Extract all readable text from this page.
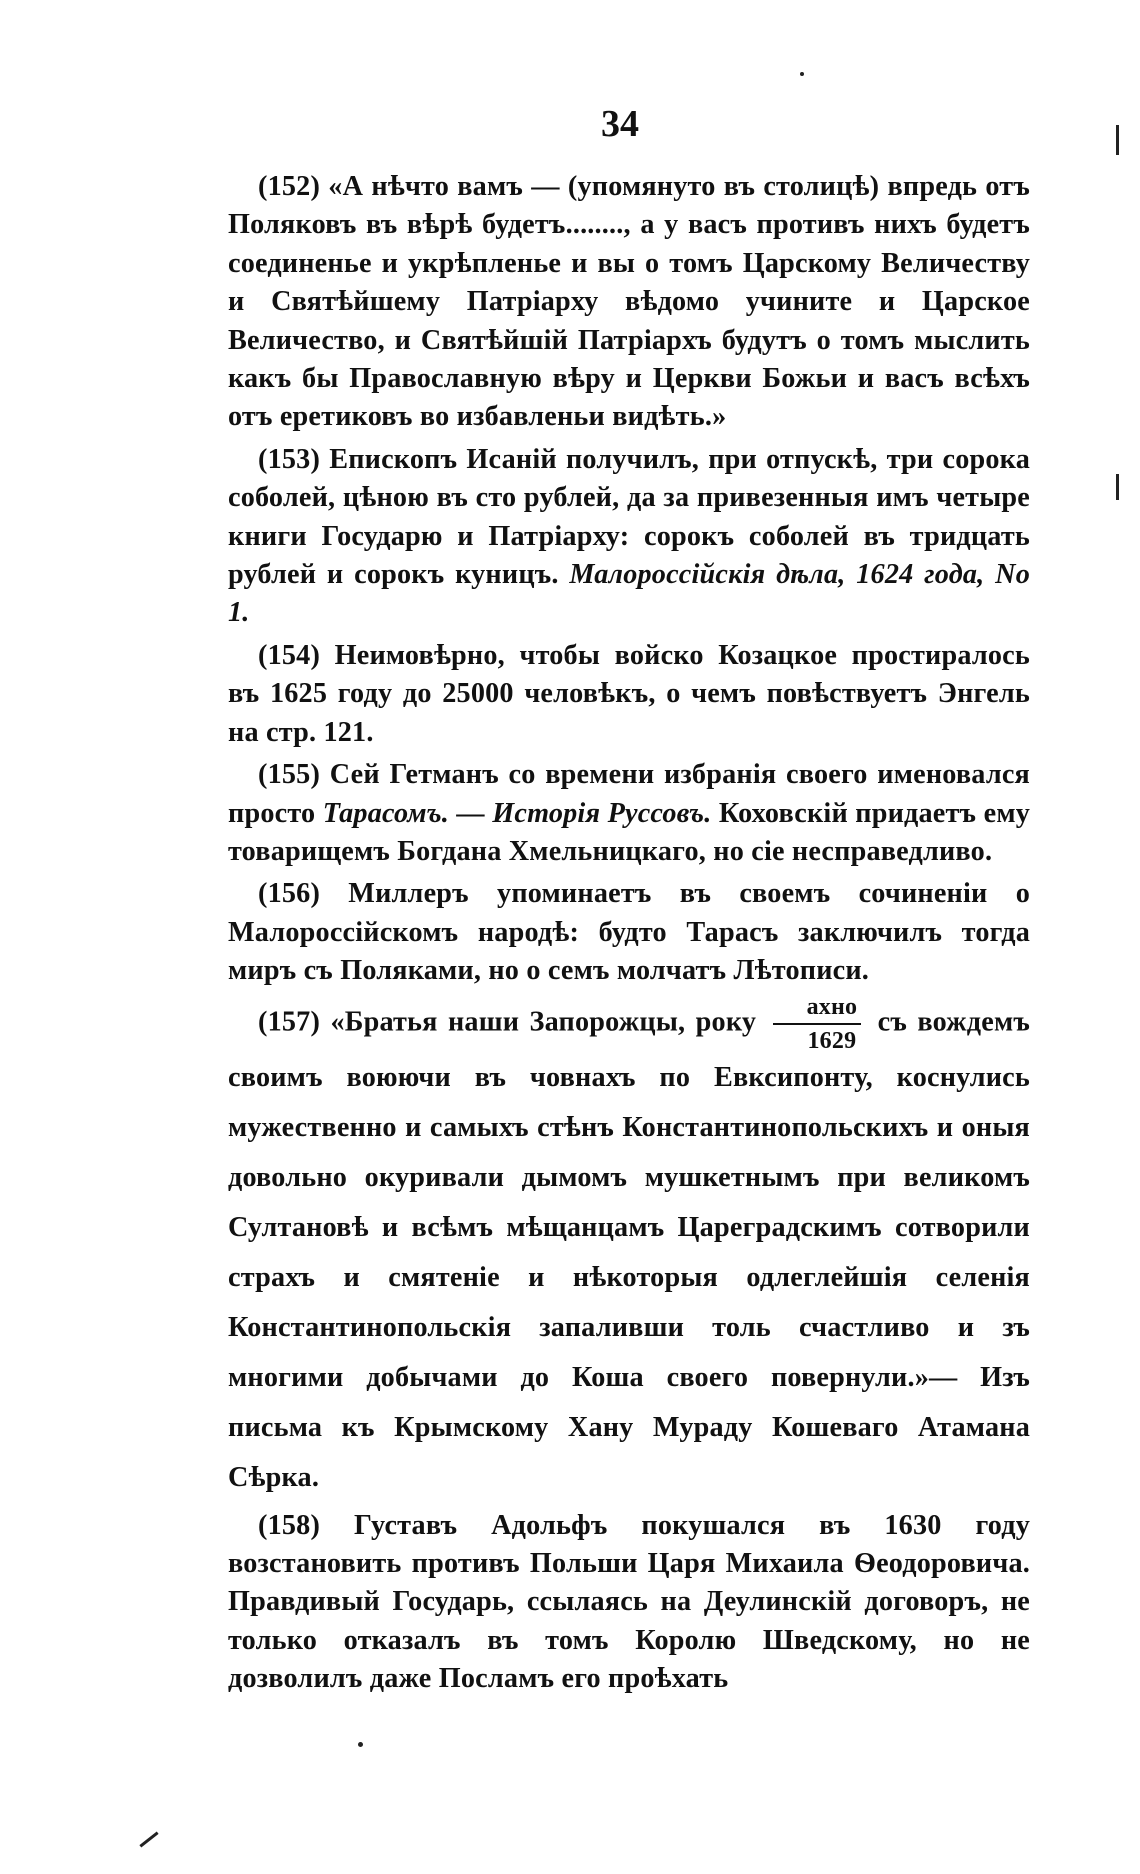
34

(152) «А нѣчто вамъ — (упомянуто въ столицѣ) впредь отъ Поляковъ въ вѣрѣ будетъ........, а у васъ противъ нихъ будетъ соединенье и укрѣпленье и вы о томъ Царскому Величеству и Святѣйшему Патріарху вѣдомо учините и Царское Величество, и Святѣйшій Патріархъ будутъ о томъ мыслить какъ бы Православную вѣру и Церкви Божьи и васъ всѣхъ отъ еретиковъ во избавленьи видѣть.»

(153) Епископъ Исаній получилъ, при отпускѣ, три сорока соболей, цѣною въ сто рублей, да за привезенныя имъ четыре книги Государю и Патріарху: сорокъ соболей въ тридцать рублей и сорокъ куницъ. Малороссійскія дѣла, 1624 года, No 1.

(154) Неимовѣрно, чтобы войско Козацкое простиралось въ 1625 году до 25000 человѣкъ, о чемъ повѣствуетъ Энгель на стр. 121.

(155) Сей Гетманъ со времени избранія своего именовался просто Тарасомъ. — Исторія Руссовъ. Коховскій придаетъ ему товарищемъ Богдана Хмельницкаго, но сіе несправедливо.

(156) Миллеръ упоминаетъ въ своемъ сочиненіи о Малороссійскомъ народѣ: будто Тарасъ заключилъ тогда миръ съ Поляками, но о семъ молчатъ Лѣтописи.

(157) «Братья наши Запорожцы, року $\frac{\text{ахно}}{1629}$ съ вождемъ своимъ воюючи въ човнахъ по Евксипонту, коснулись мужественно и самыхъ стѣнъ Константинопольскихъ и оныя довольно окуривали дымомъ мушкетнымъ при великомъ Султановѣ и всѣмъ мѣщанцамъ Цареградскимъ сотворили страхъ и смятеніе и нѣкоторыя одлеглейшія селенія Константинопольскія запаливши толь счастливо и зъ многими добычами до Коша своего повернули.»— Изъ письма къ Крымскому Хану Мураду Кошеваго Атамана Сѣрка.

(158) Густавъ Адольфъ покушался въ 1630 году возстановить противъ Польши Царя Михаила Ѳеодоровича. Правдивый Государь, ссылаясь на Деулинскій договоръ, не только отказалъ въ томъ Королю Шведскому, но не дозволилъ даже Посламъ его проѣхать
